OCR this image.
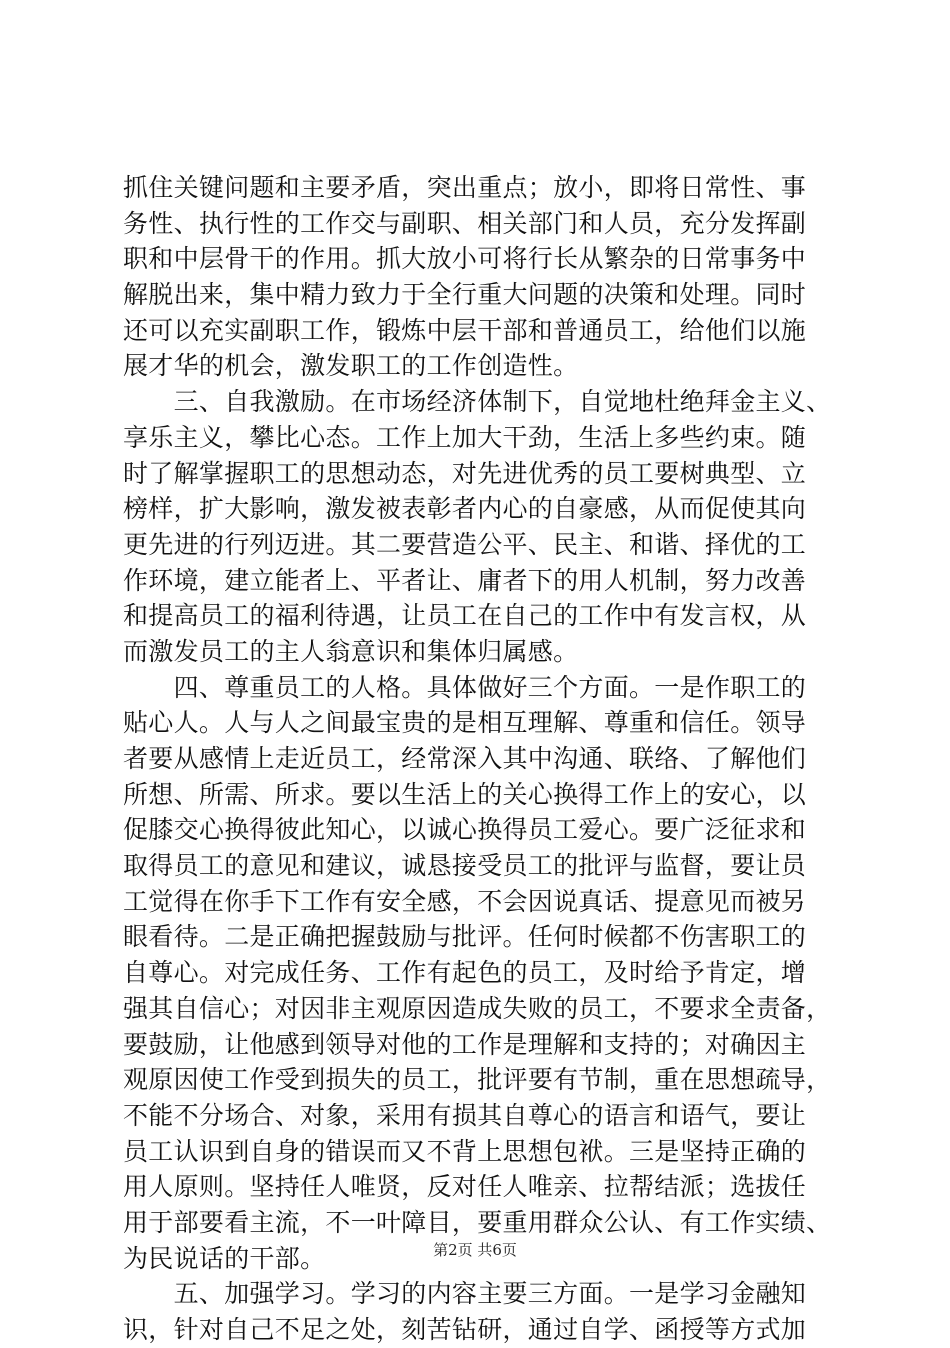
抓住关键问题和主要矛盾，突出重点；放小，即将日常性、事
务性、执行性的工作交与副职、相关部门和人员，充分发挥副
职和中层骨干的作用。抓大放小可将行长从繁杂的日常事务中
解脱出来，集中精力致力于全行重大问题的决策和处理。同时
还可以充实副职工作，锻炼中层干部和普通员工，给他们以施
展才华的机会，激发职工的工作创造性。
　　三、自我激励。在市场经济体制下，自觉地杜绝拜金主义、
享乐主义，攀比心态。工作上加大干劲，生活上多些约束。随
时了解掌握职工的思想动态，对先进优秀的员工要树典型、立
榜样，扩大影响，激发被表彰者内心的自豪感，从而促使其向
更先进的行列迈进。其二要营造公平、民主、和谐、择优的工
作环境，建立能者上、平者让、庸者下的用人机制，努力改善
和提高员工的福利待遇，让员工在自己的工作中有发言权，从
而激发员工的主人翁意识和集体归属感。
　　四、尊重员工的人格。具体做好三个方面。一是作职工的
贴心人。人与人之间最宝贵的是相互理解、尊重和信任。领导
者要从感情上走近员工，经常深入其中沟通、联络、了解他们
所想、所需、所求。要以生活上的关心换得工作上的安心，以
促膝交心换得彼此知心，以诚心换得员工爱心。要广泛征求和
取得员工的意见和建议，诚恳接受员工的批评与监督，要让员
工觉得在你手下工作有安全感，不会因说真话、提意见而被另
眼看待。二是正确把握鼓励与批评。任何时候都不伤害职工的
自尊心。对完成任务、工作有起色的员工，及时给予肯定，增
强其自信心；对因非主观原因造成失败的员工，不要求全责备，
要鼓励，让他感到领导对他的工作是理解和支持的；对确因主
观原因使工作受到损失的员工，批评要有节制，重在思想疏导，
不能不分场合、对象，采用有损其自尊心的语言和语气，要让
员工认识到自身的错误而又不背上思想包袱。三是坚持正确的
用人原则。坚持任人唯贤，反对任人唯亲、拉帮结派；选拔任
用于部要看主流，不一叶障目，要重用群众公认、有工作实绩、
为民说话的干部。
　　五、加强学习。学习的内容主要三方面。一是学习金融知
识，针对自己不足之处，刻苦钻研，通过自学、函授等方式加
第2页 共6页
